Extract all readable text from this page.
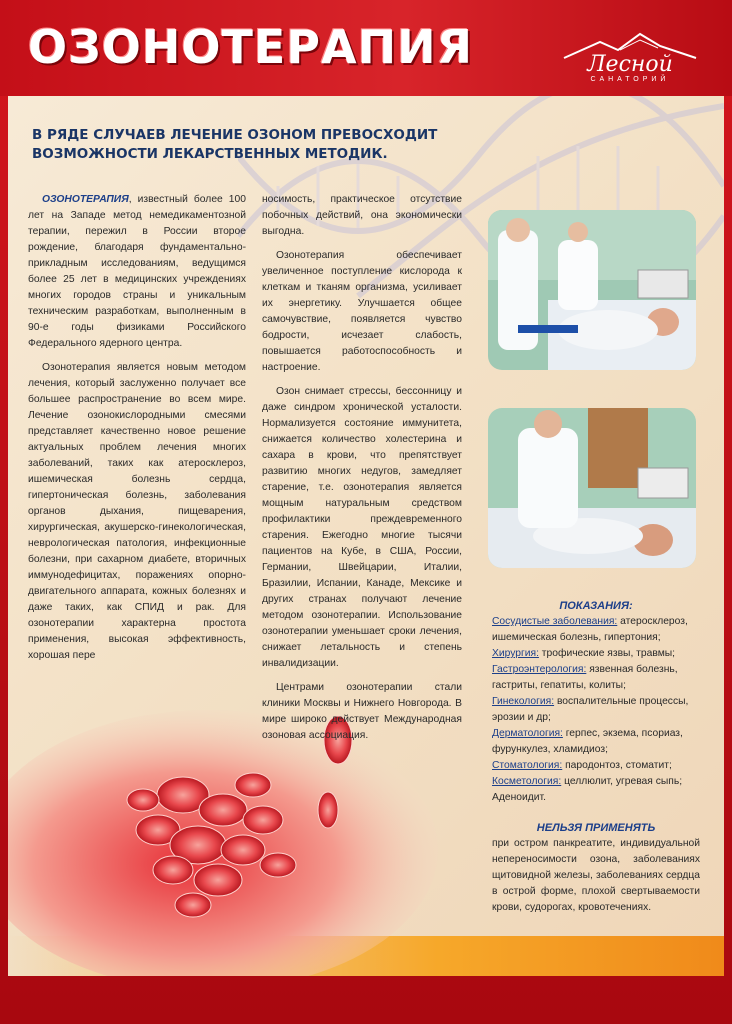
ОЗОНОТЕРАПИЯ	Лесной
САНАТОРИЙ
В РЯДЕ СЛУЧАЕВ ЛЕЧЕНИЕ ОЗОНОМ ПРЕВОСХОДИТ ВОЗМОЖНОСТИ ЛЕКАРСТВЕННЫХ МЕТОДИК.

ОЗОНОТЕРАПИЯ, известный более 100 лет на Западе метод немедикаментозной терапии, пережил в России второе рождение, благодаря фундаментально-прикладным исследованиям, ведущимся более 25 лет в медицинских учреждениях многих городов страны и уникальным техническим разработкам, выполненным в 90-е годы физиками Российского Федерального ядерного центра.

Озонотерапия является новым методом лечения, который заслуженно получает все большее распространение во всем мире. Лечение озонокислородными смесями представляет качественно новое решение актуальных проблем лечения многих заболеваний, таких как атеросклероз, ишемическая болезнь сердца, гипертоническая болезнь, заболевания органов дыхания, пищеварения, хирургическая, акушерско-гинекологическая, неврологическая патология, инфекционные болезни, при сахарном диабете, вторичных иммунодефицитах, поражениях опорно-двигательного аппарата, кожных болезнях и даже таких, как СПИД и рак. Для озонотерапии характерна простота применения, высокая эффективность, хорошая пере

носимость, практическое отсутствие побочных действий, она экономически выгодна.

Озонотерапия обеспечивает увеличенное поступление кислорода к клеткам и тканям организма, усиливает их энергетику. Улучшается общее самочувствие, появляется чувство бодрости, исчезает слабость, повышается работоспособность и настроение.

Озон снимает стрессы, бессонницу и даже синдром хронической усталости. Нормализуется состояние иммунитета, снижается количество холестерина и сахара в крови, что препятствует развитию многих недугов, замедляет старение, т.е. озонотерапия является мощным натуральным средством профилактики преждевременного старения. Ежегодно многие тысячи пациентов на Кубе, в США, России, Германии, Швейцарии, Италии, Бразилии, Испании, Канаде, Мексике и других странах получают лечение методом озонотерапии. Использование озонотерапии уменьшает сроки лечения, снижает летальность и степень инвалидизации.

Центрами озонотерапии стали клиники Москвы и Нижнего Новгорода. В мире широко действует Международная озоновая ассоциация.

ПОКАЗАНИЯ:
Сосудистые заболевания: атеросклероз, ишемическая болезнь, гипертония;
Хирургия: трофические язвы, травмы;
Гастроэнтерология: язвенная болезнь, гастриты, гепатиты, колиты;
Гинекология: воспалительные процессы, эрозии и др;
Дерматология: герпес, экзема, псориаз, фурункулез, хламидиоз;
Стоматология: пародонтоз, стоматит;
Косметология: целлюлит, угревая сыпь;
Аденоидит.
НЕЛЬЗЯ ПРИМЕНЯТЬ
при остром панкреатите, индивидуальной непереносимости озона, заболеваниях щитовидной железы, заболеваниях сердца в острой форме, плохой свертываемости крови, судорогах, кровотечениях.
